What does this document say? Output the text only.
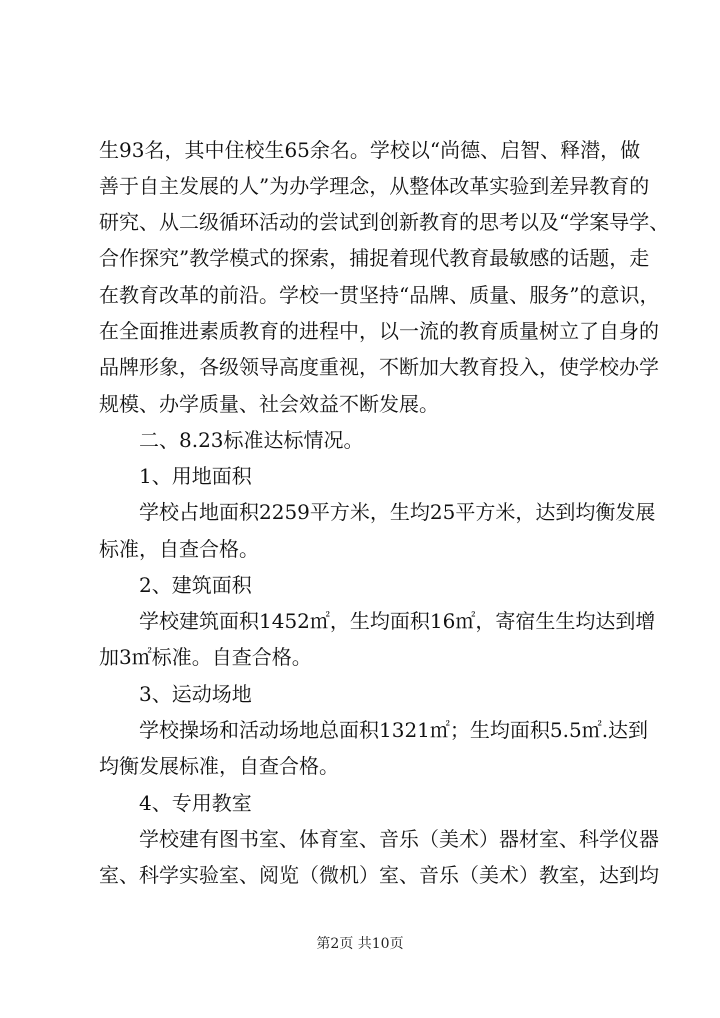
生93名，其中住校生65余名。学校以“尚德、启智、释潜，做
善于自主发展的人”为办学理念，从整体改革实验到差异教育的
研究、从二级循环活动的尝试到创新教育的思考以及“学案导学、
合作探究”教学模式的探索，捕捉着现代教育最敏感的话题，走
在教育改革的前沿。学校一贯坚持“品牌、质量、服务”的意识，
在全面推进素质教育的进程中，以一流的教育质量树立了自身的
品牌形象，各级领导高度重视，不断加大教育投入，使学校办学
规模、办学质量、社会效益不断发展。
二、8.23标准达标情况。
1、用地面积
学校占地面积2259平方米，生均25平方米，达到均衡发展
标准，自查合格。
2、建筑面积
学校建筑面积1452㎡，生均面积16㎡，寄宿生生均达到增
加3㎡标准。自查合格。
3、运动场地
学校操场和活动场地总面积1321㎡；生均面积5.5㎡.达到
均衡发展标准，自查合格。
4、专用教室
学校建有图书室、体育室、音乐（美术）器材室、科学仪器
室、科学实验室、阅览（微机）室、音乐（美术）教室，达到均
第2页 共10页
